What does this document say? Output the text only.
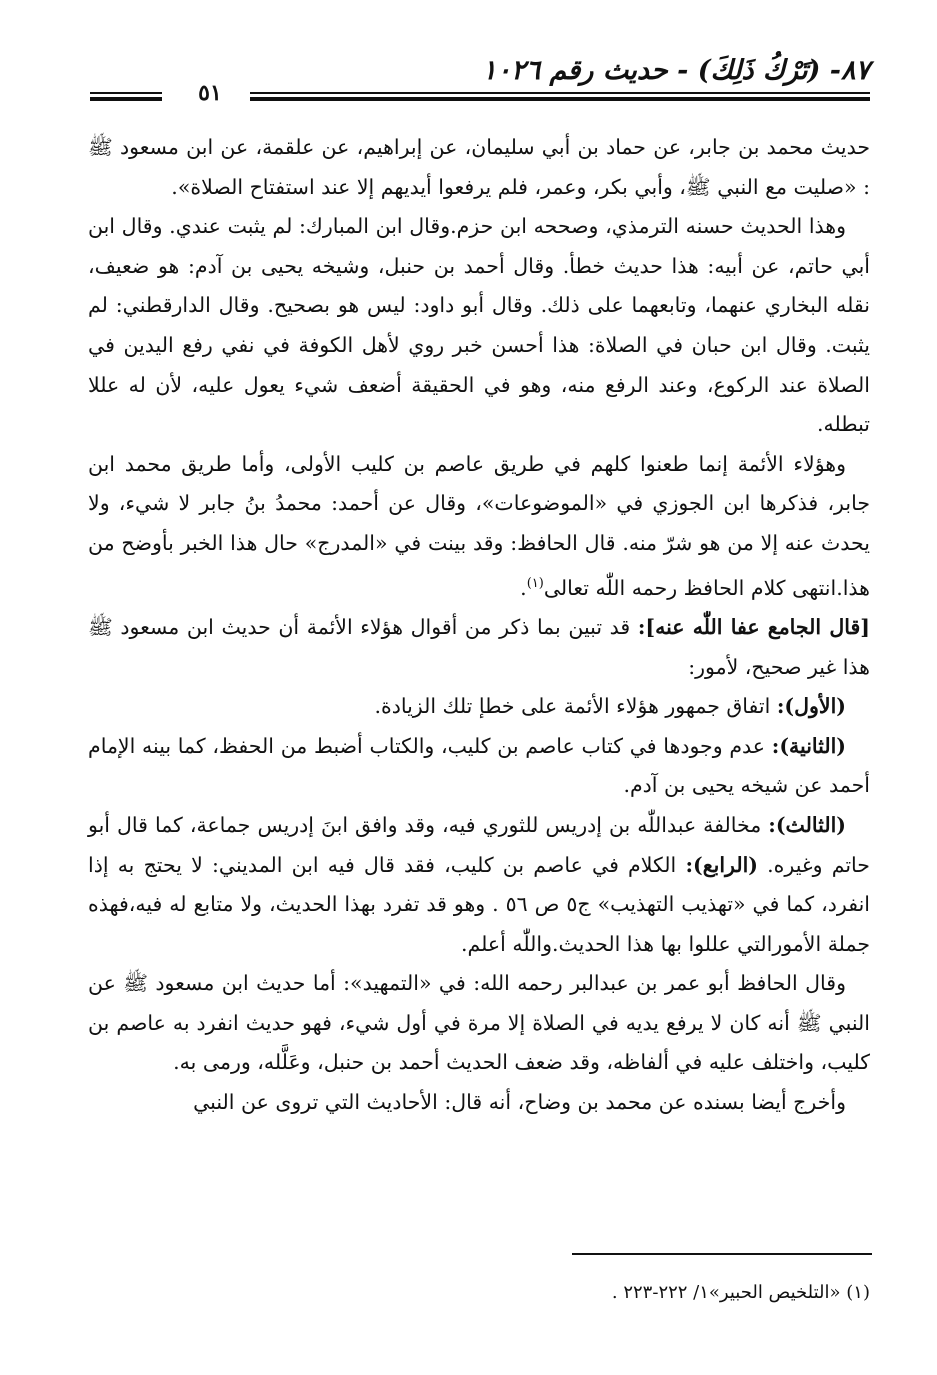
٨٧- (تَرْكُ ذَلِكَ) - حديث رقم ١٠٢٦
٥١

حديث محمد بن جابر، عن حماد بن أبي سليمان، عن إبراهيم، عن علقمة، عن ابن مسعود ﷺ : «صليت مع النبي ﷺ، وأبي بكر، وعمر، فلم يرفعوا أيديهم إلا عند استفتاح الصلاة».

وهذا الحديث حسنه الترمذي، وصححه ابن حزم.وقال ابن المبارك: لم يثبت عندي. وقال ابن أبي حاتم، عن أبيه: هذا حديث خطأ. وقال أحمد بن حنبل، وشيخه يحيى بن آدم: هو ضعيف، نقله البخاري عنهما، وتابعهما على ذلك. وقال أبو داود: ليس هو بصحيح. وقال الدارقطني: لم يثبت. وقال ابن حبان في الصلاة: هذا أحسن خبر روي لأهل الكوفة في نفي رفع اليدين في الصلاة عند الركوع، وعند الرفع منه، وهو في الحقيقة أضعف شيء يعول عليه، لأن له عللا تبطله.

وهؤلاء الأئمة إنما طعنوا كلهم في طريق عاصم بن كليب الأولى، وأما طريق محمد ابن جابر، فذكرها ابن الجوزي في «الموضوعات»، وقال عن أحمد: محمدُ بنُ جابر لا شيء، ولا يحدث عنه إلا من هو شرّ منه. قال الحافظ: وقد بينت في «المدرج» حال هذا الخبر بأوضح من هذا.انتهى كلام الحافظ رحمه اللّٰه تعالى$^{(١)}$.

[قال الجامع عفا اللّٰه عنه]: قد تبين بما ذكر من أقوال هؤلاء الأئمة أن حديث ابن مسعود ﷺ هذا غير صحيح، لأمور:

(الأول): اتفاق جمهور هؤلاء الأئمة على خطإ تلك الزيادة.

(الثانية): عدم وجودها في كتاب عاصم بن كليب، والكتاب أضبط من الحفظ، كما بينه الإمام أحمد عن شيخه يحيى بن آدم.

(الثالث): مخالفة عبداللّٰه بن إدريس للثوري فيه، وقد وافق ابنَ إدريس جماعة، كما قال أبو حاتم وغيره. (الرابع): الكلام في عاصم بن كليب، فقد قال فيه ابن المديني: لا يحتج به إذا انفرد، كما في «تهذيب التهذيب» ج٥ ص ٥٦ . وهو قد تفرد بهذا الحديث، ولا متابع له فيه،فهذه جملة الأمورالتي عللوا بها هذا الحديث.واللّٰه أعلم.

وقال الحافظ أبو عمر بن عبدالبر رحمه الله: في «التمهيد»: أما حديث ابن مسعود ﷺ عن النبي ﷺ أنه كان لا يرفع يديه في الصلاة إلا مرة في أول شيء، فهو حديث انفرد به عاصم بن كليب، واختلف عليه في ألفاظه، وقد ضعف الحديث أحمد بن حنبل، وعَلَّله، ورمى به.

وأخرج أيضا بسنده عن محمد بن وضاح، أنه قال: الأحاديث التي تروى عن النبي

(١) «التلخيص الحبير»١/ ٢٢٢-٢٢٣ .
